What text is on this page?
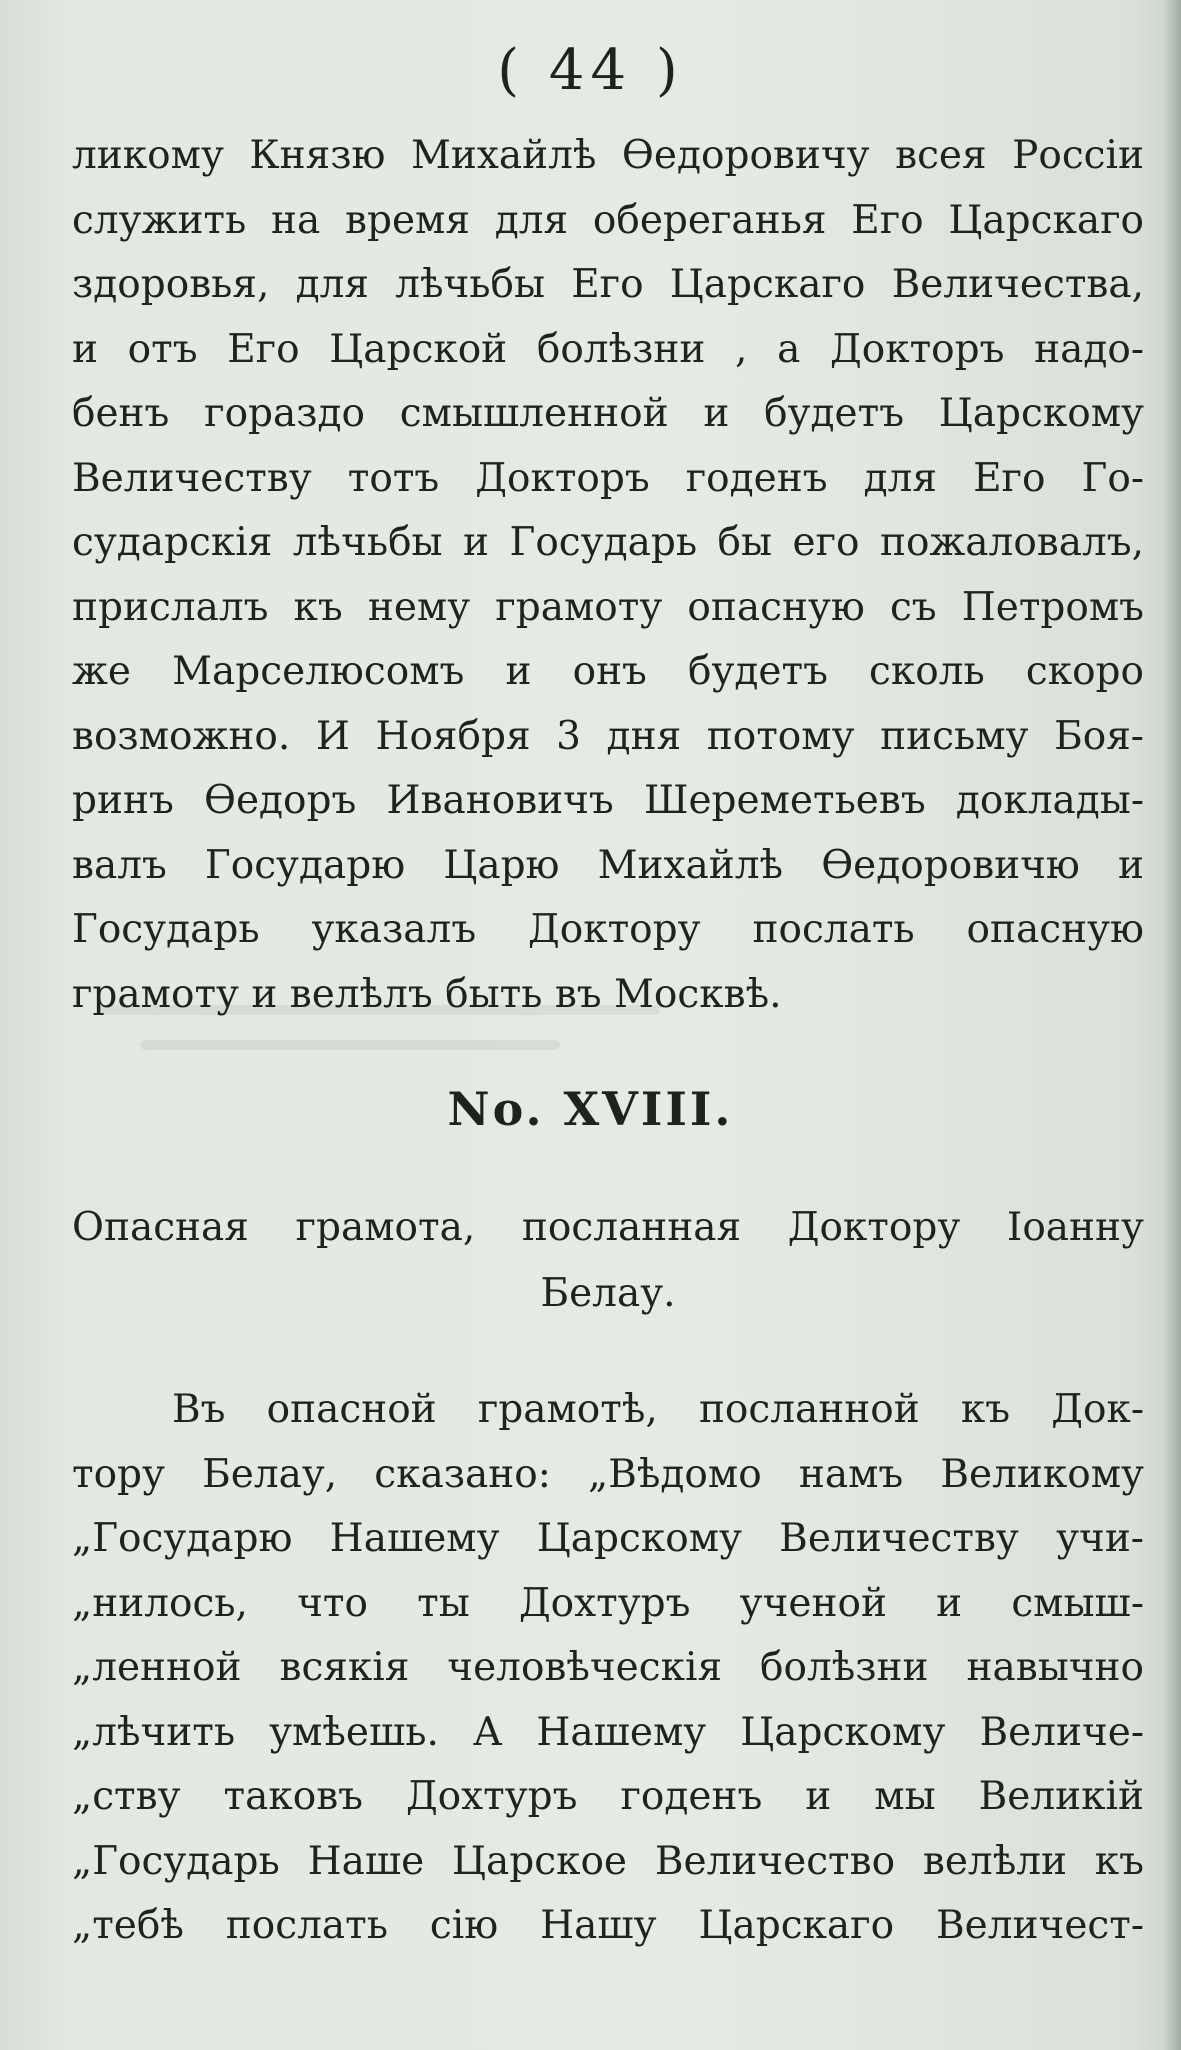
( 44 )
ликому Князю Михайлѣ Ѳедоровичу всея Россіи
служить на время для обереганья Его Царскаго
здоровья, для лѣчьбы Его Царскаго Величества,
и отъ Его Царской болѣзни , а Докторъ надо-
бенъ гораздо смышленной и будетъ Царскому
Величеству тотъ Докторъ годенъ для Его Го-
сударскія лѣчьбы и Государь бы его пожаловалъ,
прислалъ къ нему грамоту опасную съ Петромъ
же Марселюсомъ и онъ будетъ сколь скоро
возможно. И Ноября 3 дня потому письму Боя-
ринъ Ѳедоръ Ивановичъ Шереметьевъ доклады-
валъ Государю Царю Михайлѣ Ѳедоровичю и
Государь указалъ Доктору послать опасную
грамоту и велѣлъ быть въ Москвѣ.
No. XVIII.
Опасная грамота, посланная Доктору Іоанну
Белау.
Въ опасной грамотѣ, посланной къ Док-
тору Белау, сказано: „Вѣдомо намъ Великому
„Государю Нашему Царскому Величеству учи-
„нилось, что ты Дохтуръ ученой и смыш-
„ленной всякія человѣческія болѣзни навычно
„лѣчить умѣешь. А Нашему Царскому Величе-
„ству таковъ Дохтуръ годенъ и мы Великій
„Государь Наше Царское Величество велѣли къ
„тебѣ послать сію Нашу Царскаго Величест-
